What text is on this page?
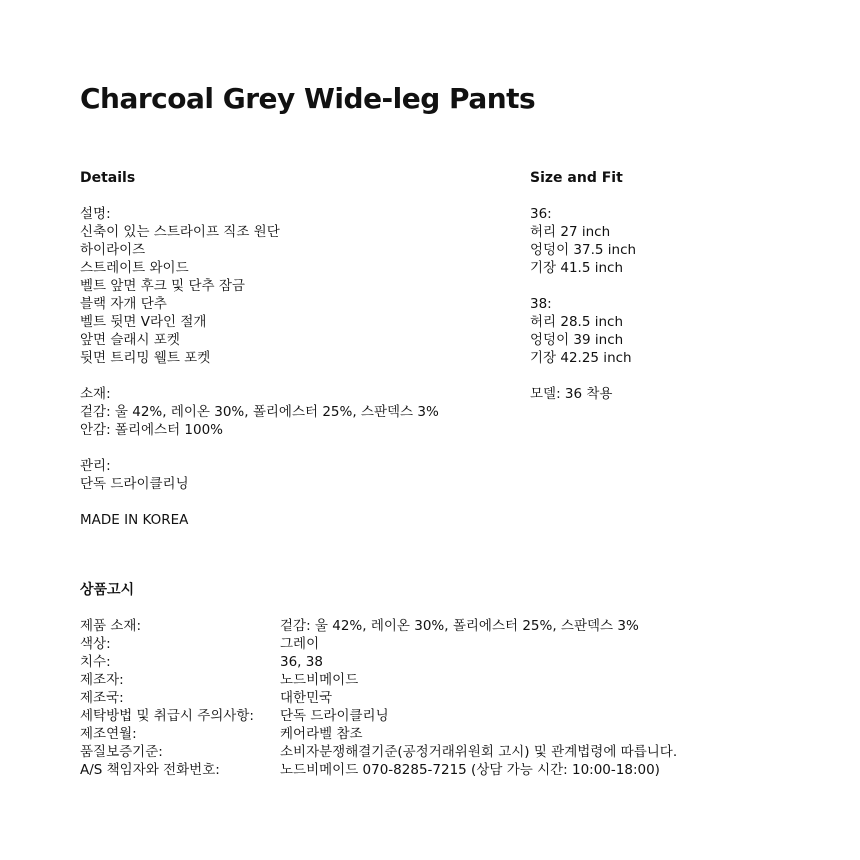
Charcoal Grey Wide-leg Pants
Details
설명:
신축이 있는 스트라이프 직조 원단
하이라이즈
스트레이트 와이드
벨트 앞면 후크 및 단추 잠금
블랙 자개 단추
벨트 뒷면 V라인 절개
앞면 슬래시 포켓
뒷면 트리밍 웰트 포켓
소재:
겉감: 울 42%, 레이온 30%, 폴리에스터 25%, 스판덱스 3%
안감: 폴리에스터 100%
관리:
단독 드라이클리닝
MADE IN KOREA
Size and Fit
36:
허리 27 inch
엉덩이 37.5 inch
기장 41.5 inch
38:
허리 28.5 inch
엉덩이 39 inch
기장 42.25 inch
모델: 36 착용
상품고시
제품 소재:	겉감: 울 42%, 레이온 30%, 폴리에스터 25%, 스판덱스 3%
색상:	그레이
치수:	36, 38
제조자:	노드비메이드
제조국:	대한민국
세탁방법 및 취급시 주의사항:	단독 드라이클리닝
제조연월:	케어라벨 참조
품질보증기준:	소비자분쟁해결기준(공정거래위원회 고시) 및 관계법령에 따릅니다.
A/S 책임자와 전화번호:	노드비메이드 070-8285-7215 (상담 가능 시간: 10:00-18:00)
